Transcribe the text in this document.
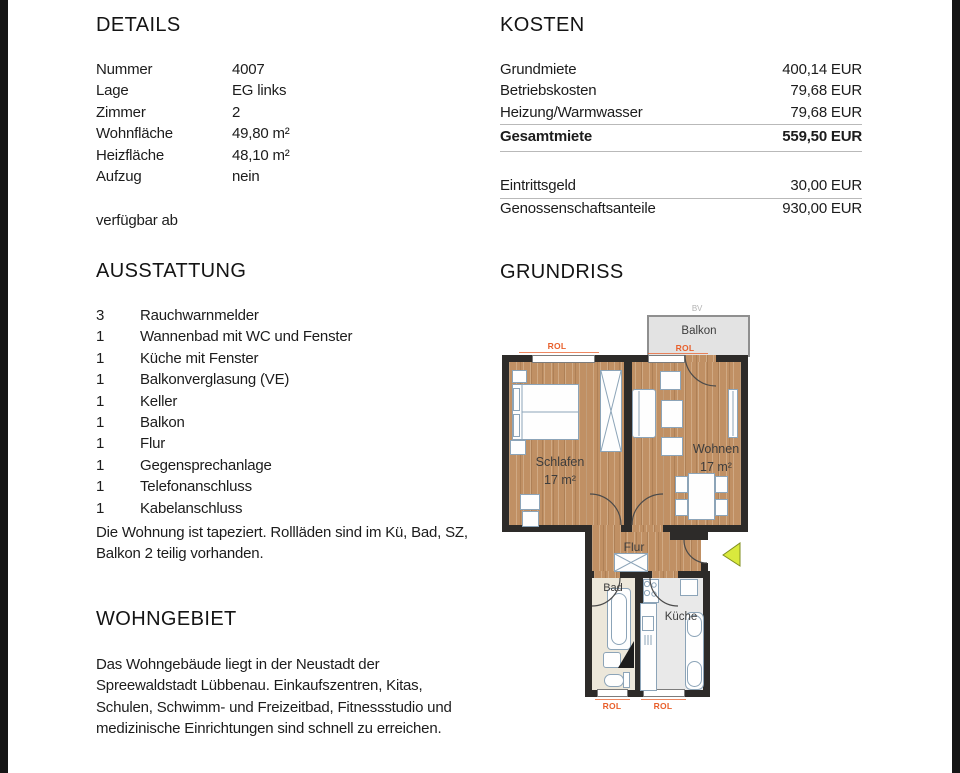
DETAILS
Nummer	4007
Lage	EG links
Zimmer	2
Wohnfläche	49,80 m²
Heizfläche	48,10 m²
Aufzug	nein
verfügbar ab
AUSSTATTUNG
3	Rauchwarnmelder
1	Wannenbad mit WC und Fenster
1	Küche mit Fenster
1	Balkonverglasung (VE)
1	Keller
1	Balkon
1	Flur
1	Gegensprechanlage
1	Telefonanschluss
1	Kabelanschluss
Die Wohnung ist tapeziert. Rollläden sind im Kü, Bad, SZ,
Balkon 2 teilig vorhanden.
WOHNGEBIET
Das Wohngebäude liegt in der Neustadt der
Spreewaldstadt Lübbenau. Einkaufszentren, Kitas,
Schulen, Schwimm- und Freizeitbad, Fitnessstudio und
medizinische Einrichtungen sind schnell zu erreichen.
KOSTEN
Grundmiete	400,14 EUR
Betriebskosten	79,68 EUR
Heizung/Warmwasser	79,68 EUR
Gesamtmiete	559,50 EUR
Eintrittsgeld	30,00 EUR
Genossenschaftsanteile	930,00 EUR
GRUNDRISS
BV
Balkon
ROL
ROL
ROL	ROL
Schlafen
17 m²
Wohnen
17 m²
Flur
Bad
Küche
